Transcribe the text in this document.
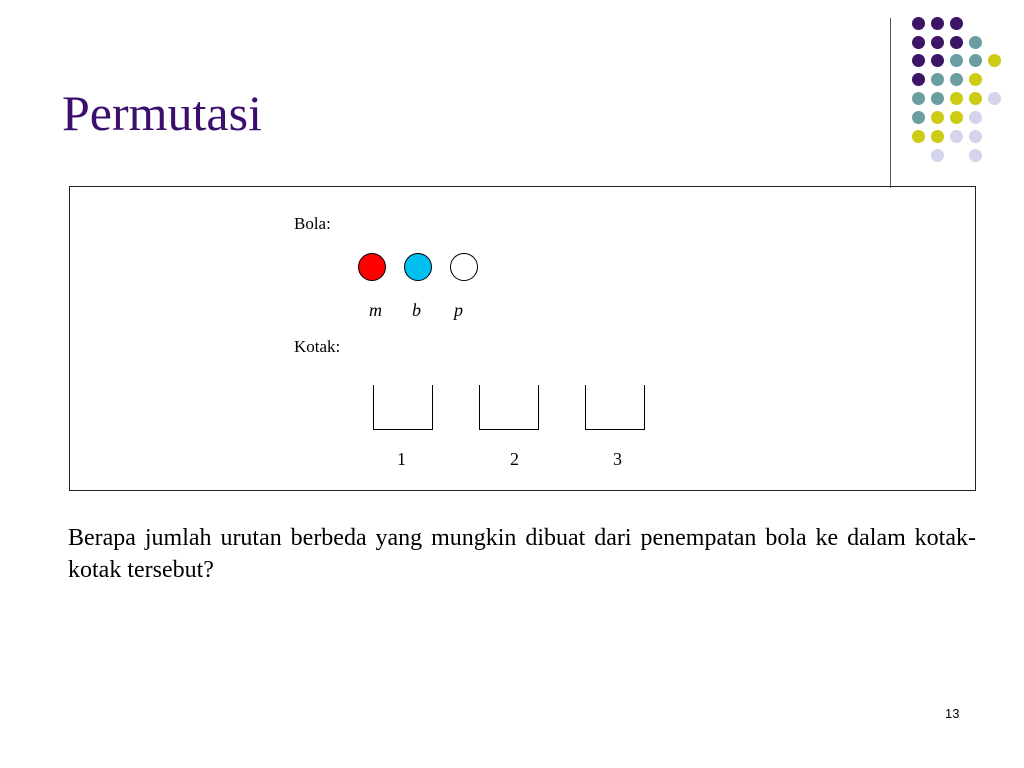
Permutasi
Bola:
m b p
Kotak:
1	2	3
Berapa jumlah urutan berbeda yang mungkin dibuat dari penempatan bola ke dalam kotak-kotak tersebut?
13
